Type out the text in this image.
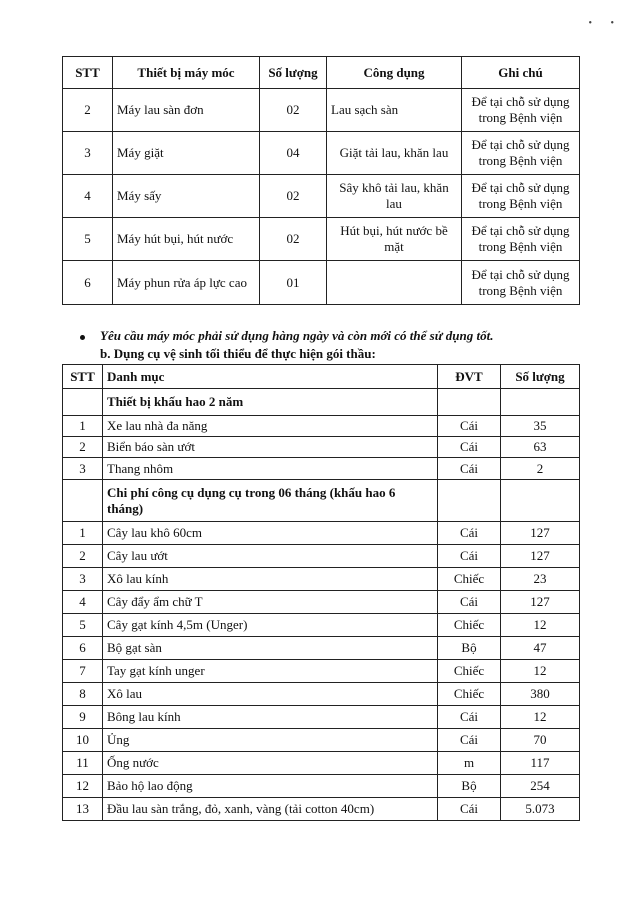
• •
STT	Thiết bị máy móc	Số lượng	Công dụng	Ghi chú
2	Máy lau sàn đơn	02	Lau sạch sàn	Để tại chỗ sử dụng trong Bệnh viện
3	Máy giặt	04	Giặt tải lau, khăn lau	Để tại chỗ sử dụng trong Bệnh viện
4	Máy sấy	02	Sây khô tải lau, khăn lau	Để tại chỗ sử dụng trong Bệnh viện
5	Máy hút bụi, hút nước	02	Hút bụi, hút nước bề mặt	Để tại chỗ sử dụng trong Bệnh viện
6	Máy phun rửa áp lực cao	01		Để tại chỗ sử dụng trong Bệnh viện
Yêu cầu máy móc phải sử dụng hàng ngày và còn mới có thể sử dụng tốt.
b. Dụng cụ vệ sinh tối thiểu để thực hiện gói thầu:
STT	Danh mục	ĐVT	Số lượng
	Thiết bị khấu hao 2 năm		
1	Xe lau nhà đa năng	Cái	35
2	Biển báo sàn ướt	Cái	63
3	Thang nhôm	Cái	2
	Chi phí công cụ dụng cụ trong 06 tháng (khấu hao 6 tháng)		
1	Cây lau khô 60cm	Cái	127
2	Cây lau ướt	Cái	127
3	Xô lau kính	Chiếc	23
4	Cây đẩy ẩm chữ T	Cái	127
5	Cây gạt kính 4,5m (Unger)	Chiếc	12
6	Bộ gạt sàn	Bộ	47
7	Tay gạt kính unger	Chiếc	12
8	Xô lau	Chiếc	380
9	Bông lau kính	Cái	12
10	Ủng	Cái	70
11	Ống nước	m	117
12	Bảo hộ lao động	Bộ	254
13	Đầu lau sàn trắng, đỏ, xanh, vàng (tải cotton 40cm)	Cái	5.073
